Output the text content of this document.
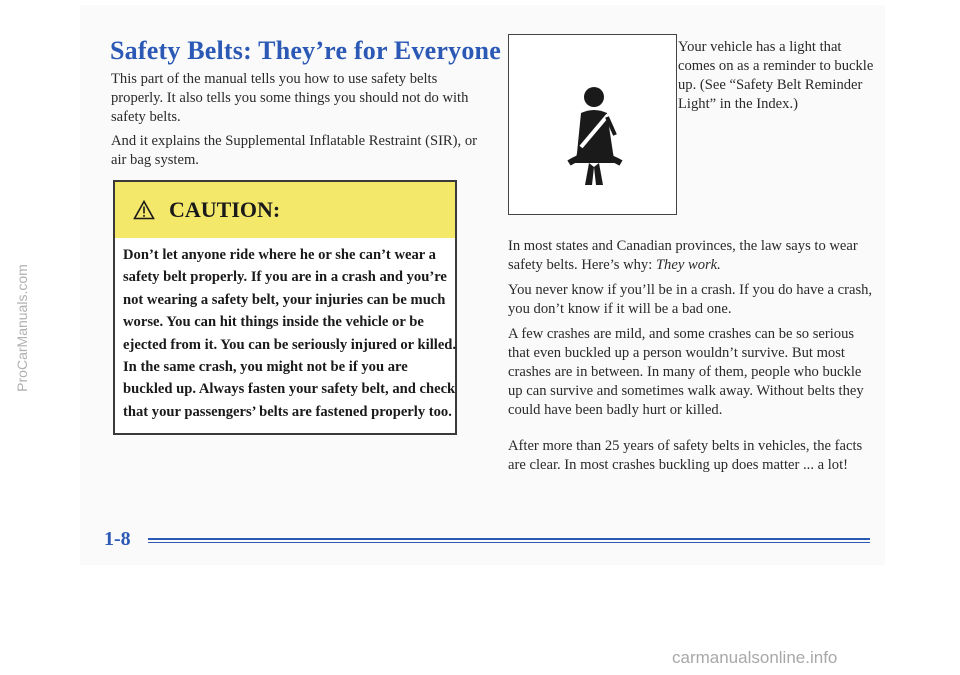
Safety Belts: They’re for Everyone

This part of the manual tells you how to use safety belts properly. It also tells you some things you should not do with safety belts.

And it explains the Supplemental Inflatable Restraint (SIR), or air bag system.

CAUTION:

Don’t let anyone ride where he or she can’t wear a safety belt properly. If you are in a crash and you’re not wearing a safety belt, your injuries can be much worse. You can hit things inside the vehicle or be ejected from it. You can be seriously injured or killed. In the same crash, you might not be if you are buckled up. Always fasten your safety belt, and check that your passengers’ belts are fastened properly too.

Your vehicle has a light that comes on as a reminder to buckle up. (See “Safety Belt Reminder Light” in the Index.)

In most states and Canadian provinces, the law says to wear safety belts. Here’s why: They work.

You never know if you’ll be in a crash. If you do have a crash, you don’t know if it will be a bad one.

A few crashes are mild, and some crashes can be so serious that even buckled up a person wouldn’t survive. But most crashes are in between. In many of them, people who buckle up can survive and sometimes walk away. Without belts they could have been badly hurt or killed.

After more than 25 years of safety belts in vehicles, the facts are clear. In most crashes buckling up does matter ... a lot!

1-8

ProCarManuals.com

carmanualsonline.info
